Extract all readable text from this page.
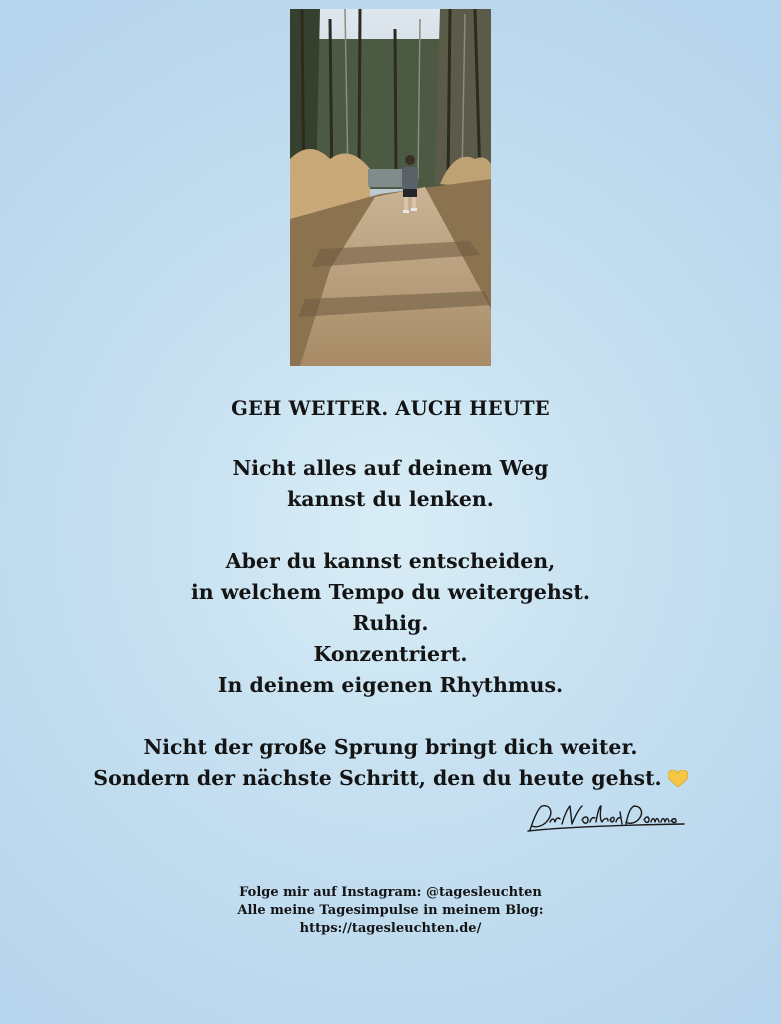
GEH WEITER. AUCH HEUTE
Nicht alles auf deinem Weg
kannst du lenken.
Aber du kannst entscheiden,
in welchem Tempo du weitergehst.
Ruhig.
Konzentriert.
In deinem eigenen Rhythmus.
Nicht der große Sprung bringt dich weiter.
Sondern der nächste Schritt, den du heute gehst.
Folge mir auf Instagram: @tagesleuchten
Alle meine Tagesimpulse in meinem Blog:
https://tagesleuchten.de/
